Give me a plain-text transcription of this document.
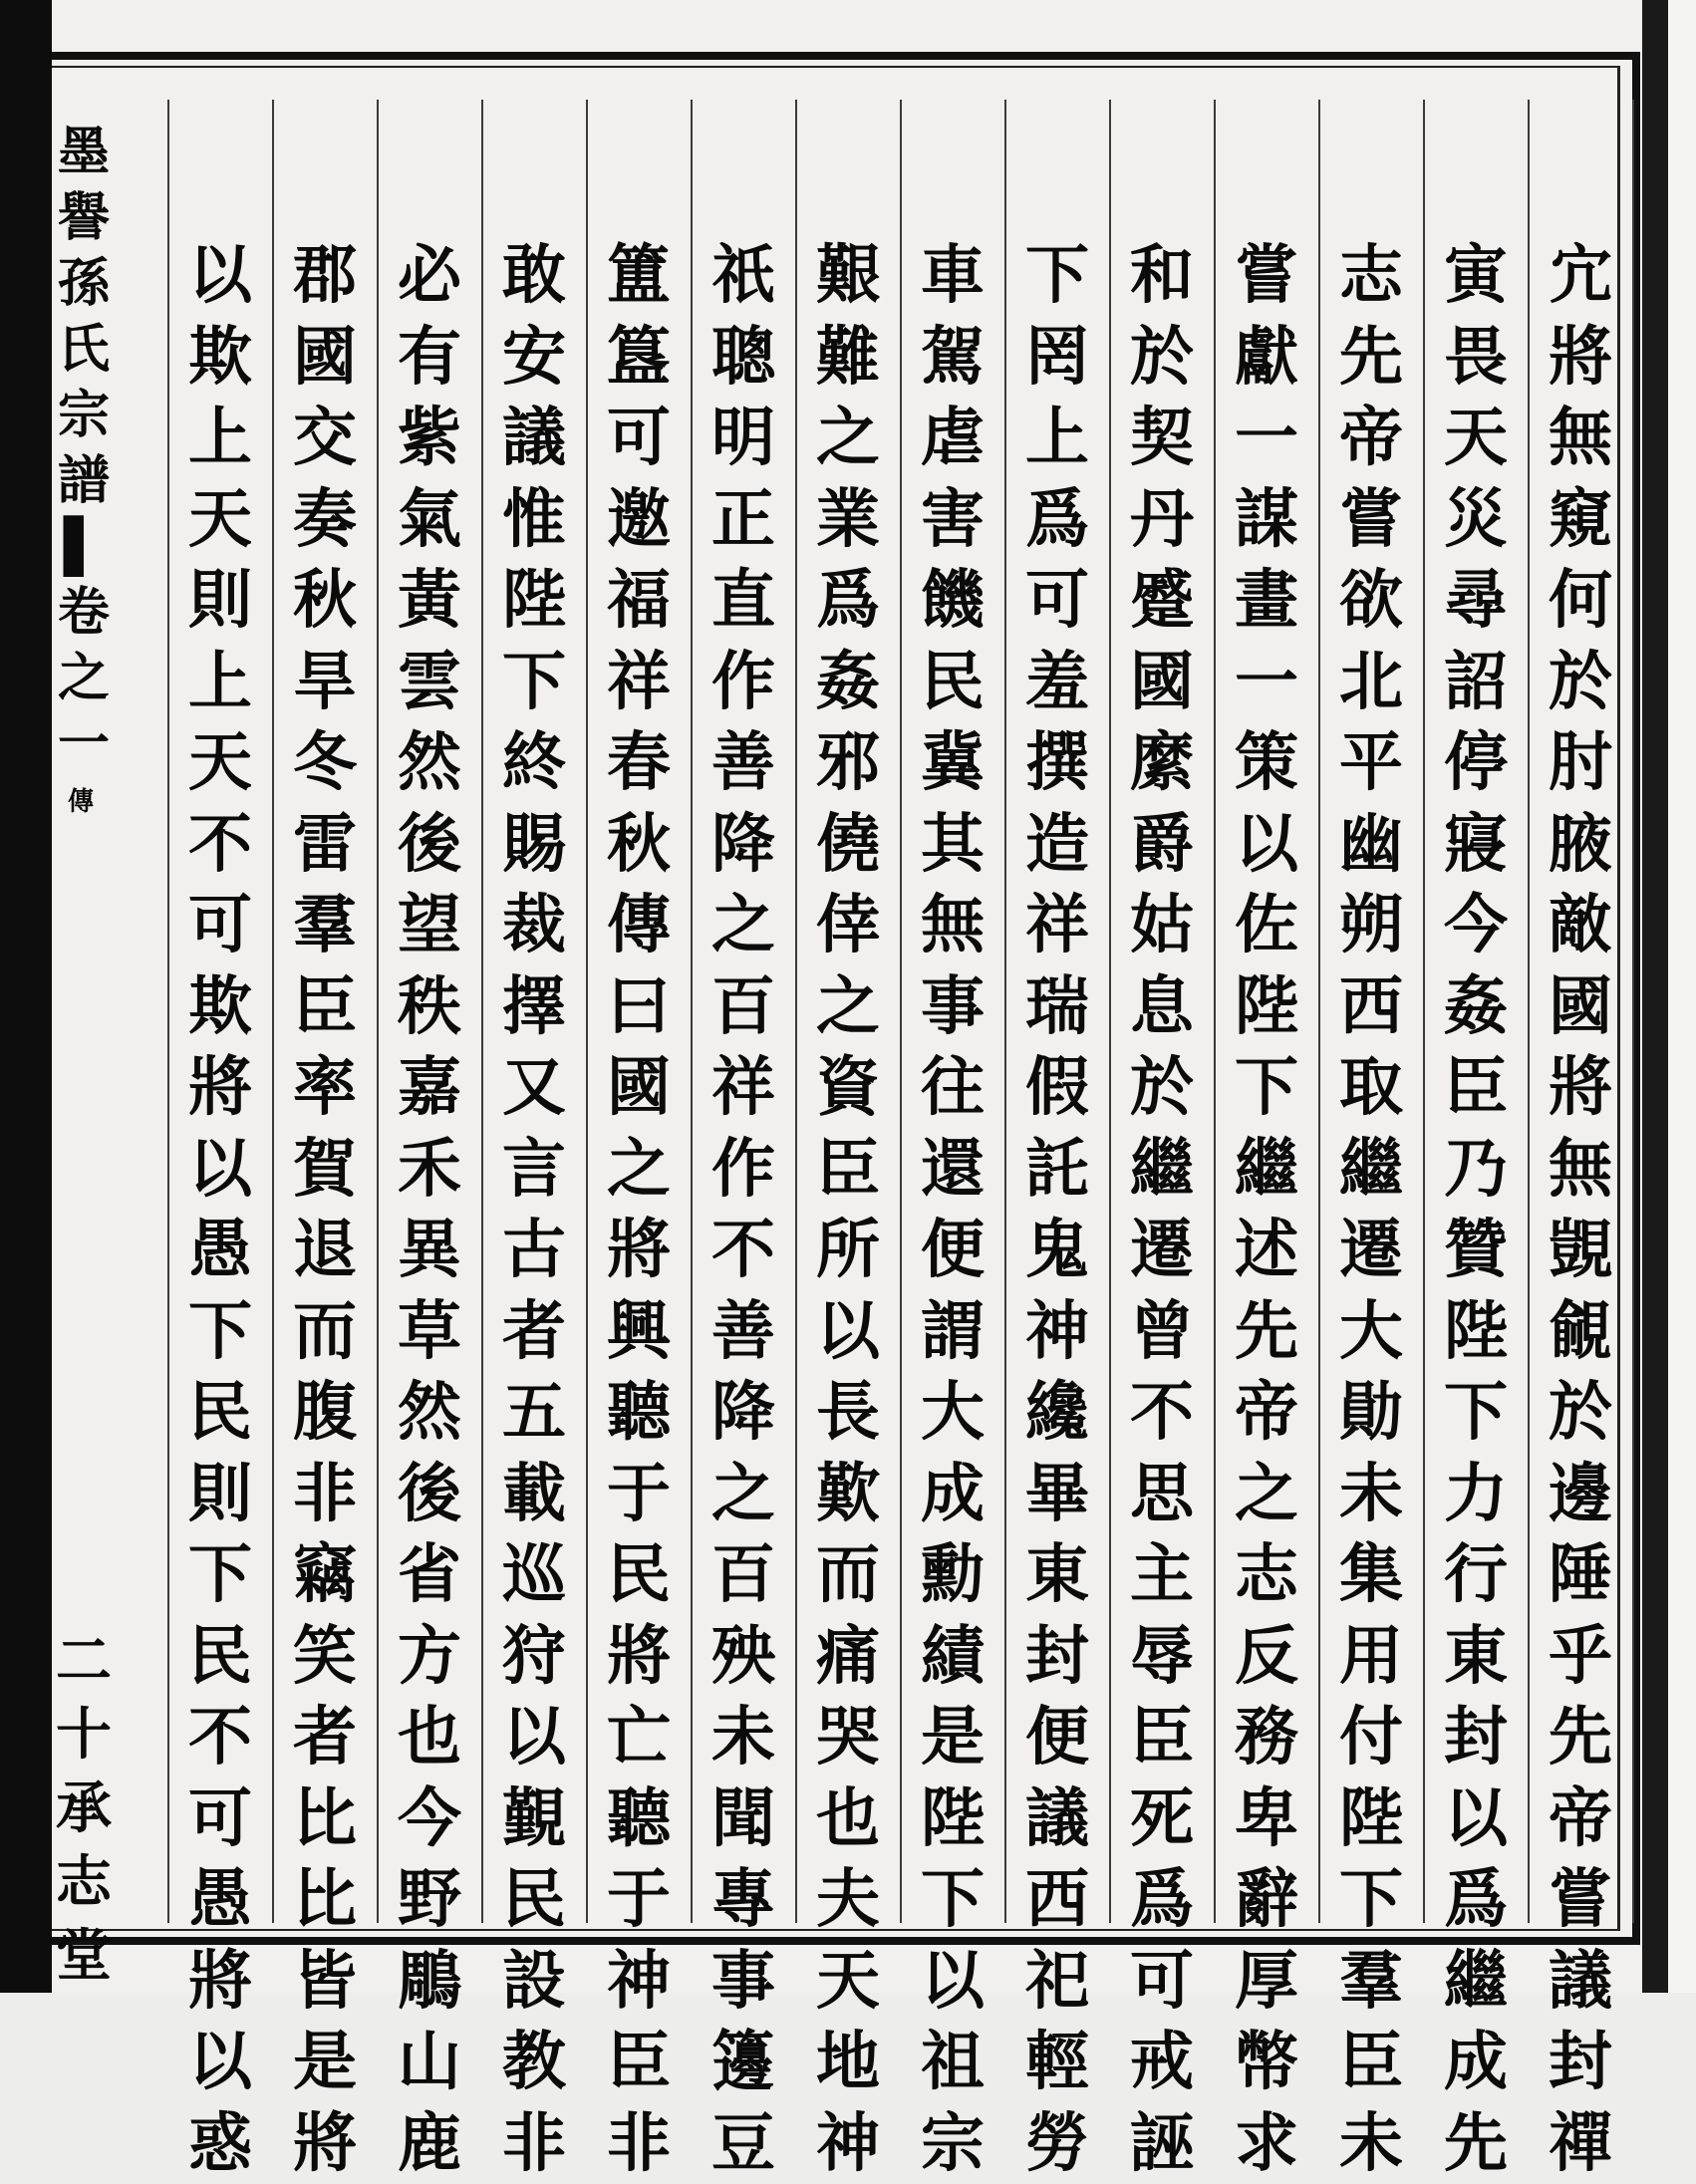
墨
譽
孫
氏
宗
譜
▌
卷
之
一
傳
二
十
承
志
堂
宂
將
無
窺
何
於
肘
腋
敵
國
將
無
覬
覦
於
邊
陲
乎
先
帝
嘗
議
封
禪
寅
畏
天
災
尋
詔
停
寢
今
姦
臣
乃
贊
陛
下
力
行
東
封
以
爲
繼
成
先
志
先
帝
嘗
欲
北
平
幽
朔
西
取
繼
遷
大
勛
未
集
用
付
陛
下
羣
臣
未
嘗
獻
一
謀
畫
一
策
以
佐
陛
下
繼
述
先
帝
之
志
反
務
卑
辭
厚
幣
求
和
於
契
丹
蹙
國
縻
爵
姑
息
於
繼
遷
曾
不
思
主
辱
臣
死
爲
可
戒
誣
下
罔
上
爲
可
羞
撰
造
祥
瑞
假
託
鬼
神
纔
畢
東
封
便
議
西
祀
輕
勞
車
駕
虐
害
饑
民
冀
其
無
事
往
還
便
謂
大
成
勳
績
是
陛
下
以
祖
宗
艱
難
之
業
爲
姦
邪
僥
倖
之
資
臣
所
以
長
歎
而
痛
哭
也
夫
天
地
神
祇
聰
明
正
直
作
善
降
之
百
祥
作
不
善
降
之
百
殃
未
聞
專
事
籩
豆
簠
簋
可
邀
福
祥
春
秋
傳
曰
國
之
將
興
聽
于
民
將
亡
聽
于
神
臣
非
敢
安
議
惟
陛
下
終
賜
裁
擇
又
言
古
者
五
載
巡
狩
以
覲
民
設
教
非
必
有
紫
氣
黃
雲
然
後
望
秩
嘉
禾
異
草
然
後
省
方
也
今
野
鵰
山
鹿
郡
國
交
奏
秋
旱
冬
雷
羣
臣
率
賀
退
而
腹
非
竊
笑
者
比
比
皆
是
將
以
欺
上
天
則
上
天
不
可
欺
將
以
愚
下
民
則
下
民
不
可
愚
將
以
惑
